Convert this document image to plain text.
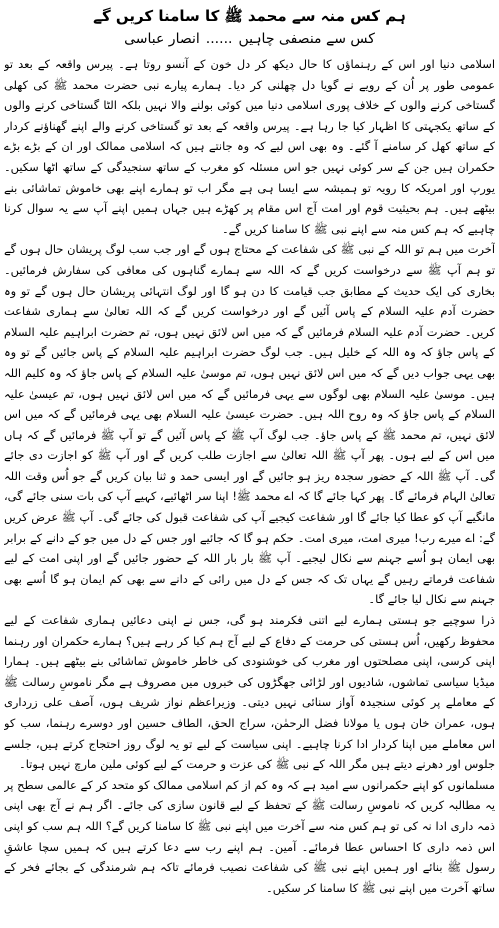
ہم کس منہ سے محمد ﷺ کا سامنا کریں گے
کس سے منصفی چاہیں......انصار عباسی

اسلامی دنیا اور اس کے رہنماؤں کا حال دیکھ کر دل خون کے آنسو روتا ہے۔ پیرس واقعہ کے بعد تو عمومی طور پر اُن کے رویے نے گویا دل چھلنی کر دیا۔ ہمارے پیارے نبی حضرت محمد ﷺ کی کھلی گستاخی کرنے والوں کے خلاف پوری اسلامی دنیا میں کوئی بولنے والا نہیں بلکہ الٹا گستاخی کرنے والوں کے ساتھ یکجہتی کا اظہار کیا جا رہا ہے۔ پیرس واقعہ کے بعد تو گستاخی کرنے والے اپنے گھناؤنے کردار کے ساتھ کھل کر سامنے آ گئے۔ وہ بھی اس لیے کہ وہ جانتے ہیں کہ اسلامی ممالک اور ان کے بڑے بڑے حکمران ہیں جن کے سر کوئی نہیں جو اس مسئلہ کو مغرب کے ساتھ سنجیدگی کے ساتھ اٹھا سکیں۔ یورپ اور امریکہ کا رویہ تو ہمیشہ سے ایسا ہی ہے مگر اب تو ہمارے اپنے بھی خاموش تماشائی بنے بیٹھے ہیں۔ ہم بحیثیت قوم اور امت آج اس مقام پر کھڑے ہیں جہاں ہمیں اپنے آپ سے یہ سوال کرنا چاہیے کہ ہم کس منہ سے اپنے نبی ﷺ کا سامنا کریں گے۔

آخرت میں ہم تو اللہ کے نبی ﷺ کی شفاعت کے محتاج ہوں گے اور جب سب لوگ پریشان حال ہوں گے تو ہم آپ ﷺ سے درخواست کریں گے کہ اللہ سے ہمارے گناہوں کی معافی کی سفارش فرمائیں۔ بخاری کی ایک حدیث کے مطابق جب قیامت کا دن ہو گا اور لوگ انتہائی پریشان حال ہوں گے تو وہ حضرت آدم علیہ السلام کے پاس آئیں گے اور درخواست کریں گے کہ اللہ تعالیٰ سے ہماری شفاعت کریں۔ حضرت آدم علیہ السلام فرمائیں گے کہ میں اس لائق نہیں ہوں، تم حضرت ابراہیم علیہ السلام کے پاس جاؤ کہ وہ اللہ کے خلیل ہیں۔ جب لوگ حضرت ابراہیم علیہ السلام کے پاس جائیں گے تو وہ بھی یہی جواب دیں گے کہ میں اس لائق نہیں ہوں، تم موسیٰ علیہ السلام کے پاس جاؤ کہ وہ کلیم اللہ ہیں۔ موسیٰ علیہ السلام بھی لوگوں سے یہی فرمائیں گے کہ میں اس لائق نہیں ہوں، تم عیسیٰ علیہ السلام کے پاس جاؤ کہ وہ روح اللہ ہیں۔ حضرت عیسیٰ علیہ السلام بھی یہی فرمائیں گے کہ میں اس لائق نہیں، تم محمد ﷺ کے پاس جاؤ۔ جب لوگ آپ ﷺ کے پاس آئیں گے تو آپ ﷺ فرمائیں گے کہ ہاں میں اس کے لیے ہوں۔ پھر آپ ﷺ اللہ تعالیٰ سے اجازت طلب کریں گے اور آپ ﷺ کو اجازت دی جائے گی۔ آپ ﷺ اللہ کے حضور سجدہ ریز ہو جائیں گے اور ایسی حمد و ثنا بیان کریں گے جو اُس وقت اللہ تعالیٰ الہام فرمائے گا۔ پھر کہا جائے گا کہ اے محمد ﷺ! اپنا سر اٹھائیے، کہیے آپ کی بات سنی جائے گی، مانگیے آپ کو عطا کیا جائے گا اور شفاعت کیجیے آپ کی شفاعت قبول کی جائے گی۔ آپ ﷺ عرض کریں گے: اے میرے رب! میری امت، میری امت۔ حکم ہو گا کہ جائیے اور جس کے دل میں جو کے دانے کے برابر بھی ایمان ہو اُسے جہنم سے نکال لیجیے۔ آپ ﷺ بار بار اللہ کے حضور جائیں گے اور اپنی امت کے لیے شفاعت فرماتے رہیں گے یہاں تک کہ جس کے دل میں رائی کے دانے سے بھی کم ایمان ہو گا اُسے بھی جہنم سے نکال لیا جائے گا۔

ذرا سوچیے جو ہستی ہمارے لیے اتنی فکرمند ہو گی، جس نے اپنی دعائیں ہماری شفاعت کے لیے محفوظ رکھیں، اُس ہستی کی حرمت کے دفاع کے لیے آج ہم کیا کر رہے ہیں؟ ہمارے حکمران اور رہنما اپنی کرسی، اپنی مصلحتوں اور مغرب کی خوشنودی کی خاطر خاموش تماشائی بنے بیٹھے ہیں۔ ہمارا میڈیا سیاسی تماشوں، شادیوں اور لڑائی جھگڑوں کی خبروں میں مصروف ہے مگر ناموسِ رسالت ﷺ کے معاملے پر کوئی سنجیدہ آواز سنائی نہیں دیتی۔ وزیراعظم نواز شریف ہوں، آصف علی زرداری ہوں، عمران خان ہوں یا مولانا فضل الرحمٰن، سراج الحق، الطاف حسین اور دوسرے رہنما، سب کو اس معاملے میں اپنا کردار ادا کرنا چاہیے۔ اپنی سیاست کے لیے تو یہ لوگ روز احتجاج کرتے ہیں، جلسے جلوس اور دھرنے دیتے ہیں مگر اللہ کے نبی ﷺ کی عزت و حرمت کے لیے کوئی ملین مارچ نہیں ہوتا۔

مسلمانوں کو اپنے حکمرانوں سے امید ہے کہ وہ کم از کم اسلامی ممالک کو متحد کر کے عالمی سطح پر یہ مطالبہ کریں کہ ناموسِ رسالت ﷺ کے تحفظ کے لیے قانون سازی کی جائے۔ اگر ہم نے آج بھی اپنی ذمہ داری ادا نہ کی تو ہم کس منہ سے آخرت میں اپنے نبی ﷺ کا سامنا کریں گے؟ اللہ ہم سب کو اپنی اس ذمہ داری کا احساس عطا فرمائے۔ آمین۔ ہم اپنے رب سے دعا کرتے ہیں کہ ہمیں سچا عاشقِ رسول ﷺ بنائے اور ہمیں اپنے نبی ﷺ کی شفاعت نصیب فرمائے تاکہ ہم شرمندگی کے بجائے فخر کے ساتھ آخرت میں اپنے نبی ﷺ کا سامنا کر سکیں۔
